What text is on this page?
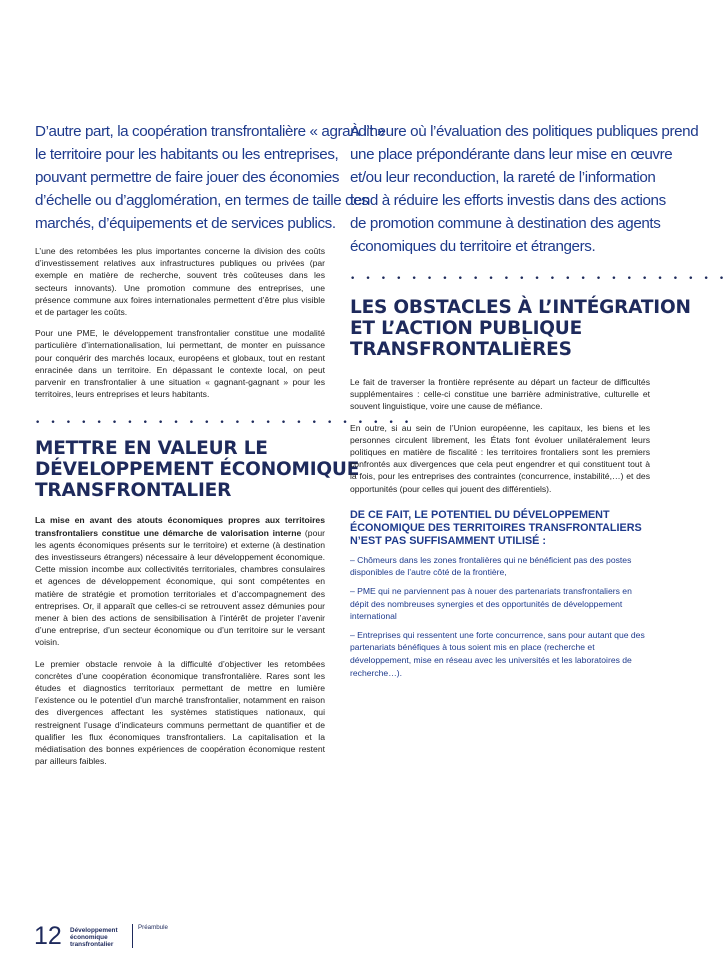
D’autre part, la coopération transfrontalière « agrandit »
le territoire pour les habitants ou les entreprises,
pouvant permettre de faire jouer des économies
d’échelle ou d’agglomération, en termes de taille des
marchés, d’équipements et de services publics.

L’une des retombées les plus importantes concerne la division des coûts d’investissement relatives aux infrastructures publiques ou privées (par exemple en matière de recherche, souvent très coûteuses dans les secteurs innovants). Une promotion commune des entreprises, une présence commune aux foires internationales permettent d’être plus visible et de partager les coûts.

Pour une PME, le développement transfrontalier constitue une modalité particulière d’internationalisation, lui permettant, de monter en puissance pour conquérir des marchés locaux, européens et globaux, tout en restant enracinée dans un territoire. En dépassant le contexte local, on peut parvenir en transfrontalier à une situation « gagnant-gagnant » pour les territoires, leurs entreprises et leurs habitants.

• • • • • • • • • • • • • • • • • • • • • • • • •
METTRE EN VALEUR LE
DÉVELOPPEMENT ÉCONOMIQUE
TRANSFRONTALIER

La mise en avant des atouts économiques propres aux territoires transfrontaliers constitue une démarche de valorisation interne (pour les agents économiques présents sur le territoire) et externe (à destination des investisseurs étrangers) nécessaire à leur développement économique. Cette mission incombe aux collectivités territoriales, chambres consulaires et agences de développement économique, qui sont compétentes en matière de stratégie et promotion territoriales et d’accompagnement des entreprises. Or, il apparaît que celles-ci se retrouvent assez démunies pour mener à bien des actions de sensibilisation à l’intérêt de projeter l’avenir d’une entreprise, d’un secteur économique ou d’un territoire sur le versant voisin.

Le premier obstacle renvoie à la difficulté d’objectiver les retombées concrètes d’une coopération économique transfrontalière. Rares sont les études et diagnostics territoriaux permettant de mettre en lumière l’existence ou le potentiel d’un marché transfrontalier, notamment en raison des divergences affectant les systèmes statistiques nationaux, qui restreignent l’usage d’indicateurs communs permettant de quantifier et de qualifier les flux économiques transfrontaliers. La capitalisation et la médiatisation des bonnes expériences de coopération économique restent par ailleurs faibles.

À l’heure où l’évaluation des politiques publiques prend
une place prépondérante dans leur mise en œuvre
et/ou leur reconduction, la rareté de l’information
tend à réduire les efforts investis dans des actions
de promotion commune à destination des agents
économiques du territoire et étrangers.

• • • • • • • • • • • • • • • • • • • • • • • • •
LES OBSTACLES À L’INTÉGRATION
ET L’ACTION PUBLIQUE
TRANSFRONTALIÈRES

Le fait de traverser la frontière représente au départ un facteur de difficultés supplémentaires : celle-ci constitue une barrière administrative, culturelle et souvent linguistique, voire une cause de méfiance.

En outre, si au sein de l’Union européenne, les capitaux, les biens et les personnes circulent librement, les États font évoluer unilatéralement leurs politiques en matière de fiscalité : les territoires frontaliers sont les premiers confrontés aux divergences que cela peut engendrer et qui constituent tout à la fois, pour les entreprises des contraintes (concurrence, instabilité,…) et des opportunités (pour celles qui jouent des différentiels).

DE CE FAIT, LE POTENTIEL DU DÉVELOPPEMENT
ÉCONOMIQUE DES TERRITOIRES TRANSFRONTALIERS
N’EST PAS SUFFISAMMENT UTILISÉ :
– Chômeurs dans les zones frontalières qui ne bénéficient pas des postes disponibles de l’autre côté de la frontière,
– PME qui ne parviennent pas à nouer des partenariats transfrontaliers en dépit des nombreuses synergies et des opportunités de développement international
– Entreprises qui ressentent une forte concurrence, sans pour autant que des partenariats bénéfiques à tous soient mis en place (recherche et développement, mise en réseau avec les universités et les laboratoires de recherche…).
12 Développement
économique
transfrontalier
Préambule
